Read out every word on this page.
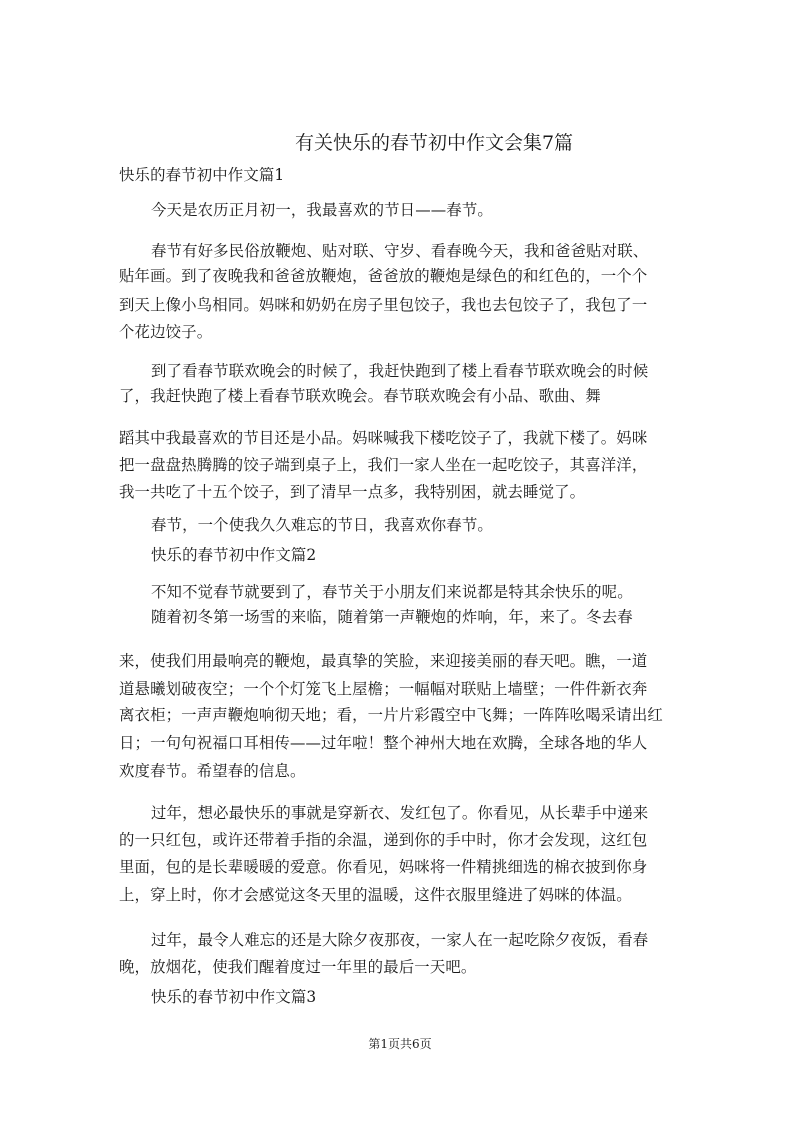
有关快乐的春节初中作文会集7篇
快乐的春节初中作文篇1
今天是农历正月初一，我最喜欢的节日——春节。
春节有好多民俗放鞭炮、贴对联、守岁、看春晚今天，我和爸爸贴对联、
贴年画。到了夜晚我和爸爸放鞭炮，爸爸放的鞭炮是绿色的和红色的，一个个
到天上像小鸟相同。妈咪和奶奶在房子里包饺子，我也去包饺子了，我包了一
个花边饺子。
到了看春节联欢晚会的时候了，我赶快跑到了楼上看春节联欢晚会的时候
了，我赶快跑了楼上看春节联欢晚会。春节联欢晚会有小品、歌曲、舞
蹈其中我最喜欢的节目还是小品。妈咪喊我下楼吃饺子了，我就下楼了。妈咪
把一盘盘热腾腾的饺子端到桌子上，我们一家人坐在一起吃饺子，其喜洋洋，
我一共吃了十五个饺子，到了清早一点多，我特别困，就去睡觉了。
春节，一个使我久久难忘的节日，我喜欢你春节。
快乐的春节初中作文篇2
不知不觉春节就要到了，春节关于小朋友们来说都是特其余快乐的呢。
随着初冬第一场雪的来临，随着第一声鞭炮的炸响，年，来了。冬去春
来，使我们用最响亮的鞭炮，最真挚的笑脸，来迎接美丽的春天吧。瞧，一道
道悬曦划破夜空；一个个灯笼飞上屋檐；一幅幅对联贴上墙壁；一件件新衣奔
离衣柜；一声声鞭炮响彻天地；看，一片片彩霞空中飞舞；一阵阵吆喝采请出红
日；一句句祝福口耳相传——过年啦！整个神州大地在欢腾，全球各地的华人
欢度春节。希望春的信息。
过年，想必最快乐的事就是穿新衣、发红包了。你看见，从长辈手中递来
的一只红包，或许还带着手指的余温，递到你的手中时，你才会发现，这红包
里面，包的是长辈暖暖的爱意。你看见，妈咪将一件精挑细选的棉衣披到你身
上，穿上时，你才会感觉这冬天里的温暖，这件衣服里缝进了妈咪的体温。
过年，最令人难忘的还是大除夕夜那夜，一家人在一起吃除夕夜饭，看春
晚，放烟花，使我们醒着度过一年里的最后一天吧。
快乐的春节初中作文篇3
第1页共6页
